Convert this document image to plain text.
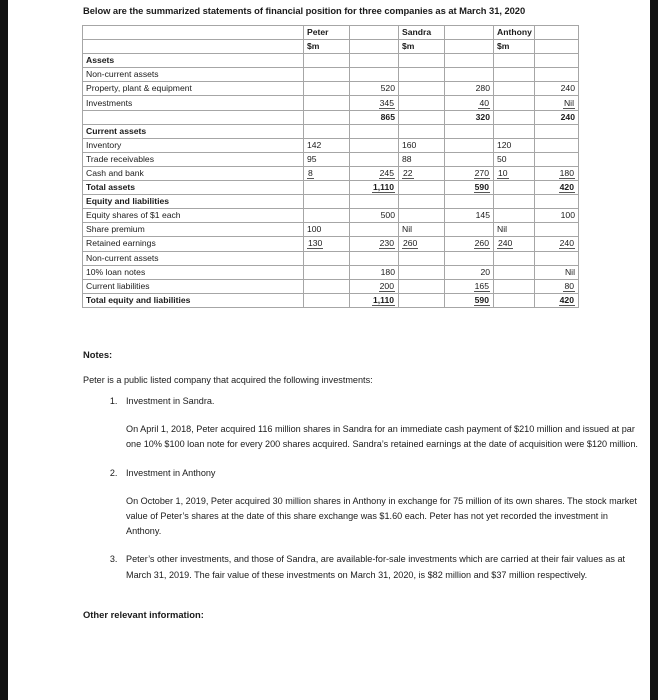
Below are the summarized statements of financial position for three companies as at March 31, 2020
	Peter		Sandra		Anthony	
	$m		$m		$m	
Assets						
Non-current assets						
Property, plant & equipment		520		280		240
Investments		345		40		Nil
		865		320		240
Current assets						
Inventory	142		160		120	
Trade receivables	95		88		50	
Cash and bank	8	245	22	270	10	180
Total assets		1,110		590		420
Equity and liabilities						
Equity shares of $1 each		500		145		100
Share premium	100		Nil		Nil	
Retained earnings	130	230	260	260	240	240
Non-current assets						
10% loan notes		180		20		Nil
Current liabilities		200		165		80
Total equity and liabilities		1,110		590		420
Notes:
Peter is a public listed company that acquired the following investments:
1. Investment in Sandra.
On April 1, 2018, Peter acquired 116 million shares in Sandra for an immediate cash payment of $210 million and issued at par one 10% $100 loan note for every 200 shares acquired. Sandra’s retained earnings at the date of acquisition were $120 million.
2. Investment in Anthony
On October 1, 2019, Peter acquired 30 million shares in Anthony in exchange for 75 million of its own shares. The stock market value of Peter’s shares at the date of this share exchange was $1.60 each. Peter has not yet recorded the investment in Anthony.
3. Peter’s other investments, and those of Sandra, are available-for-sale investments which are carried at their fair values as at March 31, 2019. The fair value of these investments on March 31, 2020, is $82 million and $37 million respectively.
Other relevant information:
